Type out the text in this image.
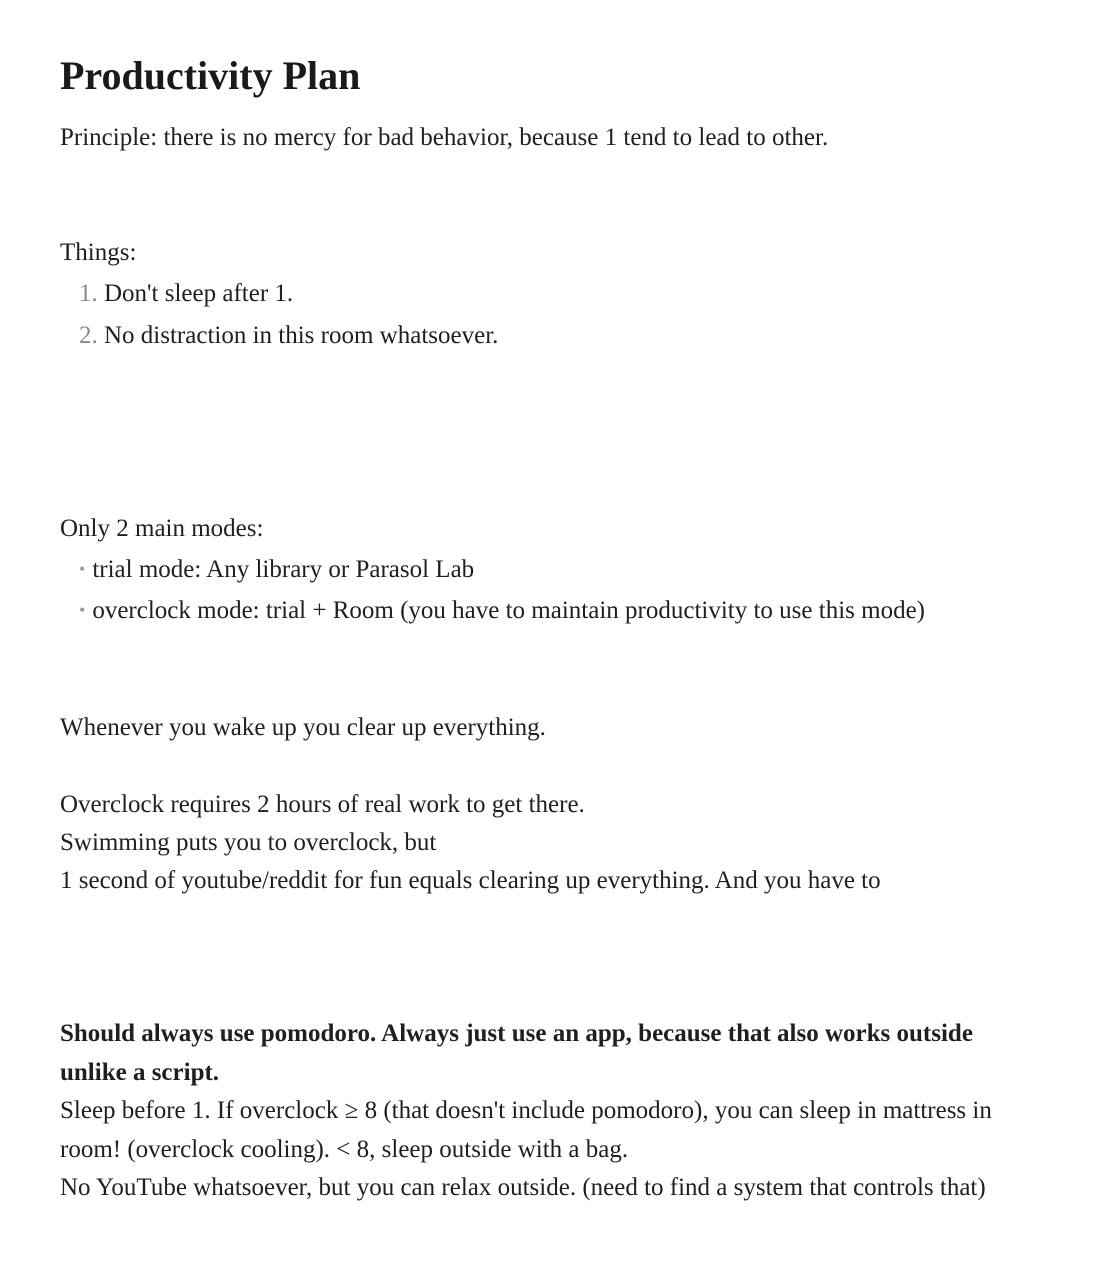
Productivity Plan
Principle: there is no mercy for bad behavior, because 1 tend to lead to other.
Things:
1. Don't sleep after 1.
2. No distraction in this room whatsoever.
Only 2 main modes:
• trial mode: Any library or Parasol Lab
• overclock mode: trial + Room (you have to maintain productivity to use this mode)
Whenever you wake up you clear up everything.
Overclock requires 2 hours of real work to get there.
Swimming puts you to overclock, but
1 second of youtube/reddit for fun equals clearing up everything. And you have to
Should always use pomodoro. Always just use an app, because that also works outside unlike a script.
Sleep before 1. If overclock ≥ 8 (that doesn't include pomodoro), you can sleep in mattress in room! (overclock cooling). < 8, sleep outside with a bag.
No YouTube whatsoever, but you can relax outside. (need to find a system that controls that)
